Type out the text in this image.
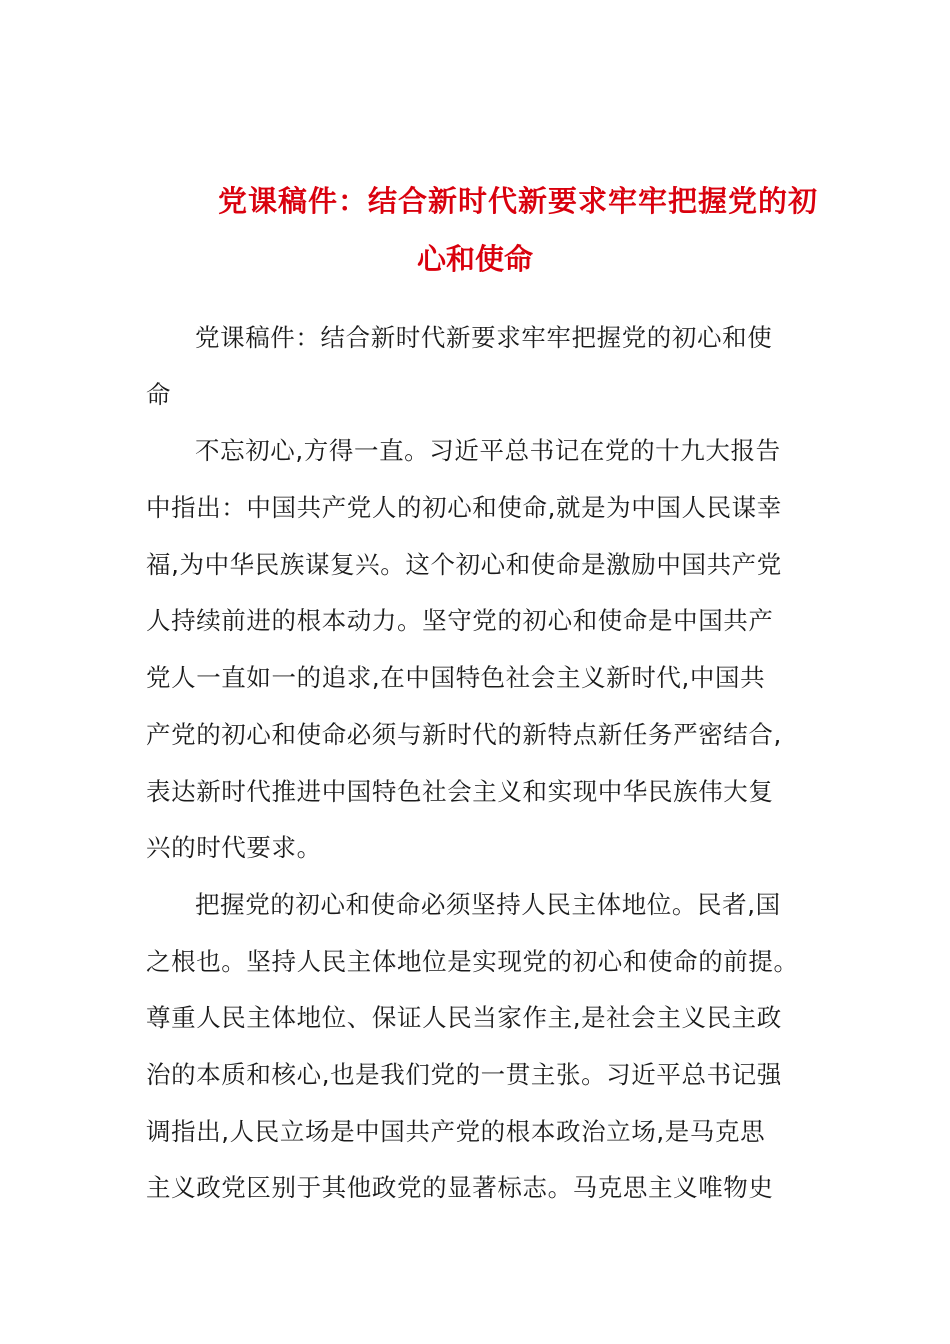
党课稿件：结合新时代新要求牢牢把握党的初
心和使命
党课稿件：结合新时代新要求牢牢把握党的初心和使
命
不忘初心,方得一直。习近平总书记在党的十九大报告
中指出：中国共产党人的初心和使命,就是为中国人民谋幸
福,为中华民族谋复兴。这个初心和使命是激励中国共产党
人持续前进的根本动力。坚守党的初心和使命是中国共产
党人一直如一的追求,在中国特色社会主义新时代,中国共
产党的初心和使命必须与新时代的新特点新任务严密结合,
表达新时代推进中国特色社会主义和实现中华民族伟大复
兴的时代要求。
把握党的初心和使命必须坚持人民主体地位。民者,国
之根也。坚持人民主体地位是实现党的初心和使命的前提。
尊重人民主体地位、保证人民当家作主,是社会主义民主政
治的本质和核心,也是我们党的一贯主张。习近平总书记强
调指出,人民立场是中国共产党的根本政治立场,是马克思
主义政党区别于其他政党的显著标志。马克思主义唯物史
